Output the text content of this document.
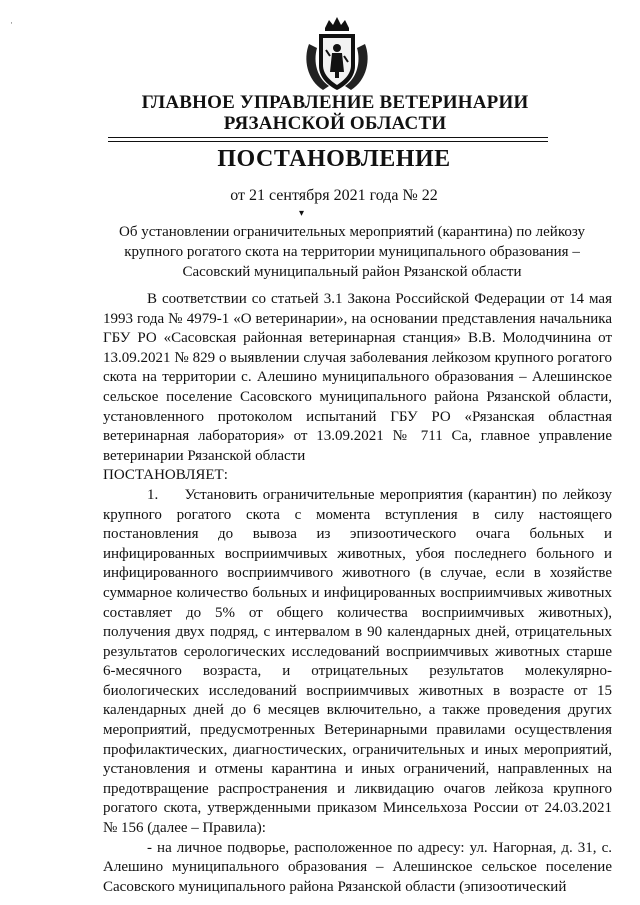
·
ГЛАВНОЕ УПРАВЛЕНИЕ ВЕТЕРИНАРИИ
РЯЗАНСКОЙ ОБЛАСТИ
ПОСТАНОВЛЕНИЕ
от 21 сентября 2021 года № 22
▾
Об установлении ограничительных мероприятий (карантина) по лейкозу крупного рогатого скота на территории муниципального образования – Сасовский муниципальный район Рязанской области

В соответствии со статьей 3.1 Закона Российской Федерации от 14 мая 1993 года № 4979-1 «О ветеринарии», на основании представления начальника ГБУ РО «Сасовская районная ветеринарная станция» В.В. Молодчинина от 13.09.2021 № 829 о выявлении случая заболевания лейкозом крупного рогатого скота на территории с. Алешино муниципального образования – Алешинское сельское поселение Сасовского муниципального района Рязанской области, установленного протоколом испытаний ГБУ РО «Рязанская областная ветеринарная лаборатория» от 13.09.2021 № 711 Са, главное управление ветеринарии Рязанской области

ПОСТАНОВЛЯЕТ:

1. Установить ограничительные мероприятия (карантин) по лейкозу крупного рогатого скота с момента вступления в силу настоящего постановления до вывоза из эпизоотического очага больных и инфицированных восприимчивых животных, убоя последнего больного и инфицированного восприимчивого животного (в случае, если в хозяйстве суммарное количество больных и инфицированных восприимчивых животных составляет до 5% от общего количества восприимчивых животных), получения двух подряд, с интервалом в 90 календарных дней, отрицательных результатов серологических исследований восприимчивых животных старше 6-месячного возраста, и отрицательных результатов молекулярно-биологических исследований восприимчивых животных в возрасте от 15 календарных дней до 6 месяцев включительно, а также проведения других мероприятий, предусмотренных Ветеринарными правилами осуществления профилактических, диагностических, ограничительных и иных мероприятий, установления и отмены карантина и иных ограничений, направленных на предотвращение распространения и ликвидацию очагов лейкоза крупного рогатого скота, утвержденными приказом Минсельхоза России от 24.03.2021 № 156 (далее – Правила):

- на личное подворье, расположенное по адресу: ул. Нагорная, д. 31, с. Алешино муниципального образования – Алешинское сельское поселение Сасовского муниципального района Рязанской области (эпизоотический
